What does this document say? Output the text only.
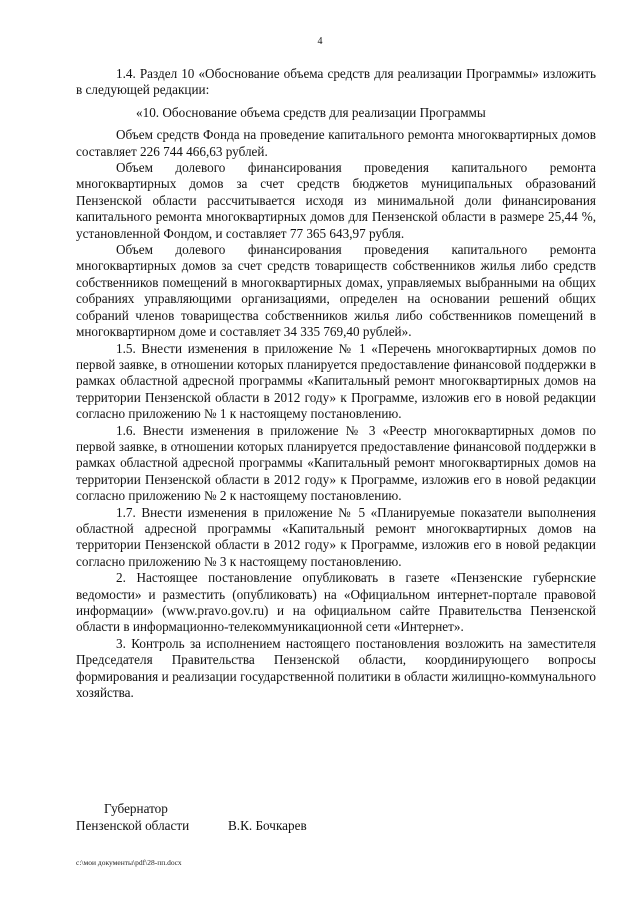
4

1.4. Раздел 10 «Обоснование объема средств для реализации Программы» изложить в следующей редакции:

«10. Обоснование объема средств для реализации Программы

Объем средств Фонда на проведение капитального ремонта многоквартирных домов составляет 226 744 466,63 рублей.

Объем долевого финансирования проведения капитального ремонта многоквартирных домов за счет средств бюджетов муниципальных образований Пензенской области рассчитывается исходя из минимальной доли финансирования капитального ремонта многоквартирных домов для Пензенской области в размере 25,44 %, установленной Фондом, и составляет 77 365 643,97 рубля.

Объем долевого финансирования проведения капитального ремонта многоквартирных домов за счет средств товариществ собственников жилья либо средств собственников помещений в многоквартирных домах, управляемых выбранными на общих собраниях управляющими организациями, определен на основании решений общих собраний членов товарищества собственников жилья либо собственников помещений в многоквартирном доме и составляет 34 335 769,40 рублей».

1.5. Внести изменения в приложение № 1 «Перечень многоквартирных домов по первой заявке, в отношении которых планируется предоставление финансовой поддержки в рамках областной адресной программы «Капитальный ремонт многоквартирных домов на территории Пензенской области в 2012 году» к Программе, изложив его в новой редакции согласно приложению № 1 к настоящему постановлению.

1.6. Внести изменения в приложение № 3 «Реестр многоквартирных домов по первой заявке, в отношении которых планируется предоставление финансовой поддержки в рамках областной адресной программы «Капитальный ремонт многоквартирных домов на территории Пензенской области в 2012 году» к Программе, изложив его в новой редакции согласно приложению № 2 к настоящему постановлению.

1.7. Внести изменения в приложение № 5 «Планируемые показатели выполнения областной адресной программы «Капитальный ремонт многоквартирных домов на территории Пензенской области в 2012 году» к Программе, изложив его в новой редакции согласно приложению № 3 к настоящему постановлению.

2. Настоящее постановление опубликовать в газете «Пензенские губернские ведомости» и разместить (опубликовать) на «Официальном интернет-портале правовой информации» (www.pravo.gov.ru) и на официальном сайте Правительства Пензенской области в информационно-телекоммуникационной сети «Интернет».

3. Контроль за исполнением настоящего постановления возложить на заместителя Председателя Правительства Пензенской области, координирующего вопросы формирования и реализации государственной политики в области жилищно-коммунального хозяйства.

Губернатор
Пензенской области	В.К. Бочкарев
c:\мои документы\pdf\28-пп.docx
